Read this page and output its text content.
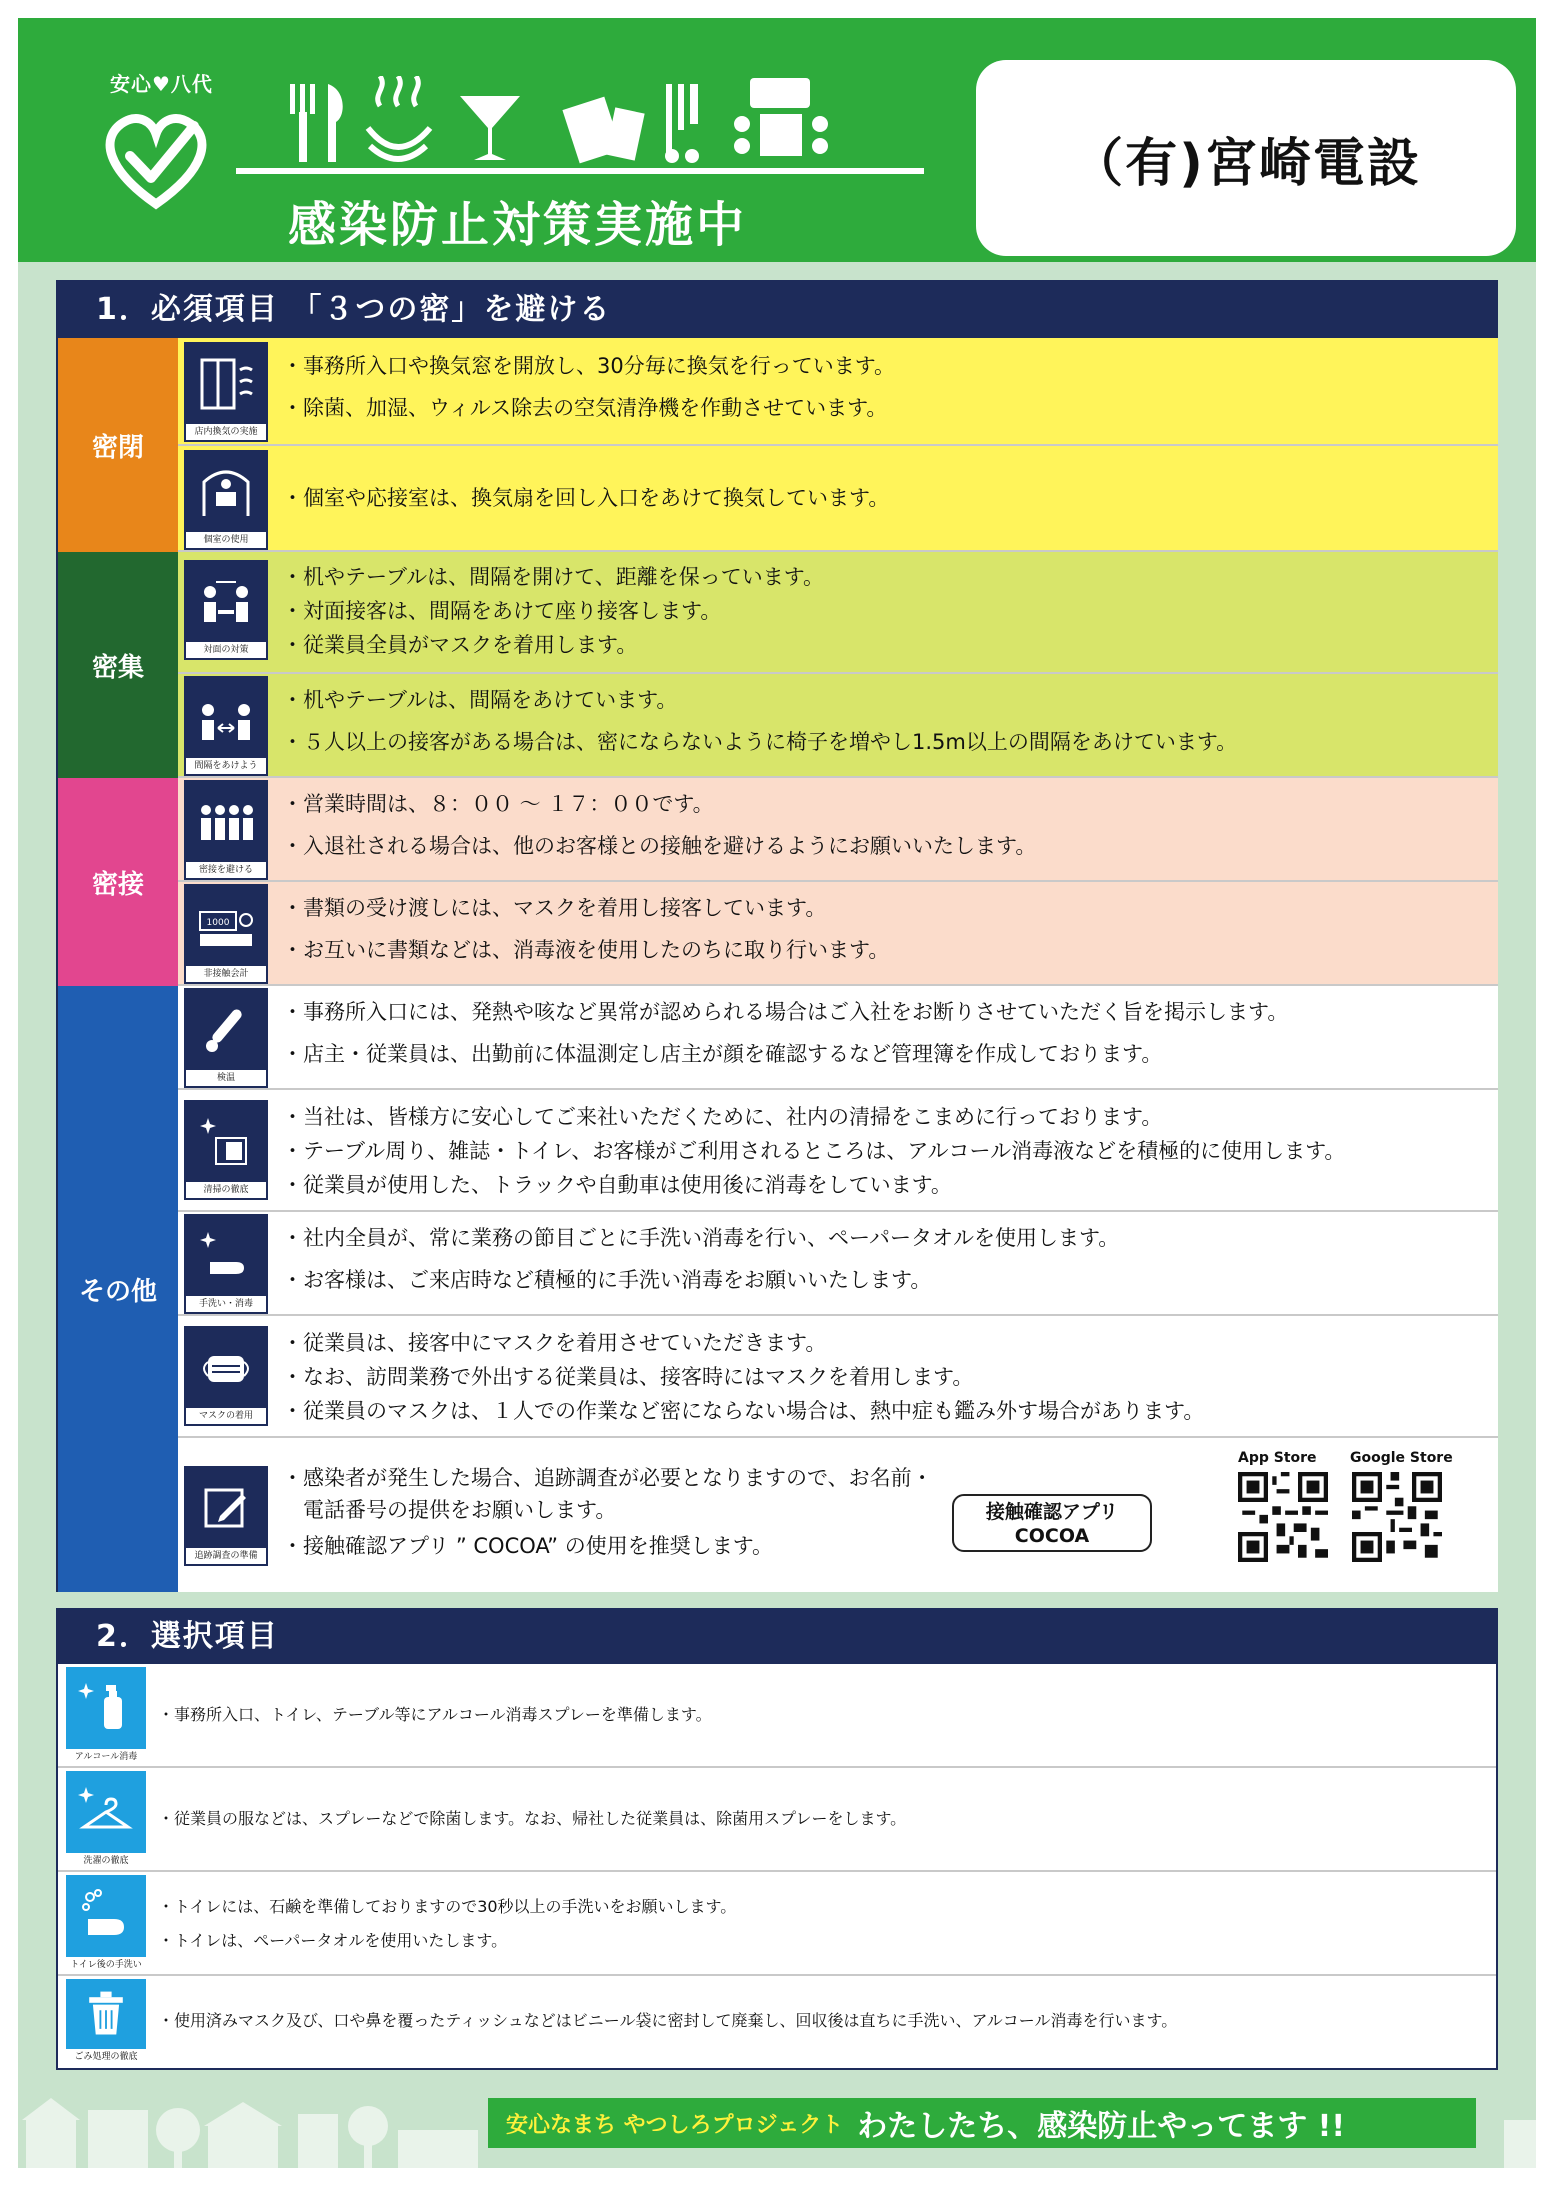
安心♥八代
感染防止対策実施中
（有)宮崎電設
1．必須項目 「３つの密」を避ける
密閉
密集
密接
その他
店内換気の実施
・事務所入口や換気窓を開放し、30分毎に換気を行っています。
・除菌、加湿、ウィルス除去の空気清浄機を作動させています。
個室の使用
・個室や応接室は、換気扇を回し入口をあけて換気しています。
対面の対策
・机やテーブルは、間隔を開けて、距離を保っています。
・対面接客は、間隔をあけて座り接客します。
・従業員全員がマスクを着用します。
間隔をあけよう
・机やテーブルは、間隔をあけています。
・５人以上の接客がある場合は、密にならないように椅子を増やし1.5m以上の間隔をあけています。
密接を避ける
・営業時間は、８：００ ～ １７：００です。
・入退社される場合は、他のお客様との接触を避けるようにお願いいたします。
1000
非接触会計
・書類の受け渡しには、マスクを着用し接客しています。
・お互いに書類などは、消毒液を使用したのちに取り行います。
検温
・事務所入口には、発熱や咳など異常が認められる場合はご入社をお断りさせていただく旨を掲示します。
・店主・従業員は、出勤前に体温測定し店主が顔を確認するなど管理簿を作成しております。
清掃の徹底
・当社は、皆様方に安心してご来社いただくために、社内の清掃をこまめに行っております。
・テーブル周り、雑誌・トイレ、お客様がご利用されるところは、アルコール消毒液などを積極的に使用します。
・従業員が使用した、トラックや自動車は使用後に消毒をしています。
手洗い・消毒
・社内全員が、常に業務の節目ごとに手洗い消毒を行い、ペーパータオルを使用します。
・お客様は、ご来店時など積極的に手洗い消毒をお願いいたします。
マスクの着用
・従業員は、接客中にマスクを着用させていただきます。
・なお、訪問業務で外出する従業員は、接客時にはマスクを着用します。
・従業員のマスクは、１人での作業など密にならない場合は、熱中症も鑑み外す場合があります。
追跡調査の準備
・感染者が発生した場合、追跡調査が必要となりますので、お名前・
　電話番号の提供をお願いします。
・接触確認アプリ ” COCOA” の使用を推奨します。
接触確認アプリ
COCOA
App Store Google Store
2．選択項目
アルコール消毒
・事務所入口、トイレ、テーブル等にアルコール消毒スプレーを準備します。
洗濯の徹底
・従業員の服などは、スプレーなどで除菌します。なお、帰社した従業員は、除菌用スプレーをします。
トイレ後の手洗い
・トイレには、石鹸を準備しておりますので30秒以上の手洗いをお願いします。
・トイレは、ペーパータオルを使用いたします。
ごみ処理の徹底
・使用済みマスク及び、口や鼻を覆ったティッシュなどはビニール袋に密封して廃棄し、回収後は直ちに手洗い、アルコール消毒を行います。
安心なまち やつしろプロジェクト わたしたち、感染防止やってます !!
